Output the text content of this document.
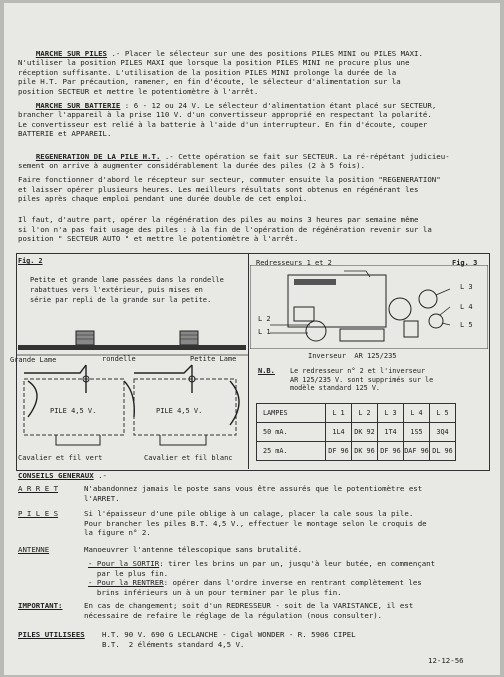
MARCHE SUR PILES .- Placer le sélecteur sur une des positions PILES MINI ou PILES MAXI.
N'utiliser la position PILES MAXI que lorsque la position PILES MINI ne procure plus une
réception suffisante. L'utilisation de la position PILES MINI prolonge la durée de la
pile H.T. Par précaution, ramener, en fin d'écoute, le sélecteur d'alimentation sur la
position SECTEUR et mettre le potentiomètre à l'arrêt.

MARCHE SUR BATTERIE : 6 - 12 ou 24 V. Le sélecteur d'alimentation étant placé sur SECTEUR,
brancher l'appareil à la prise 110 V. d'un convertisseur approprié en respectant la polarité.
Le convertisseur est relié à la batterie à l'aide d'un interrupteur. En fin d'écoute, couper
BATTERIE et APPAREIL.

REGENERATION DE LA PILE H.T. .- Cette opération se fait sur SECTEUR. La ré-répétant judicieu-
sement on arrive à augmenter considérablement la durée des piles (2 à 5 fois).
Faire fonctionner d'abord le récepteur sur secteur, commuter ensuite la position "REGENERATION"
et laisser opérer plusieurs heures. Les meilleurs résultats sont obtenus en régénérant les
piles après chaque emploi pendant une durée double de cet emploi.
Il faut, d'autre part, opérer la régénération des piles au moins 3 heures par semaine même
si l'on n'a pas fait usage des piles : à la fin de l'opération de régénération revenir sur la
position " SECTEUR AUTO " et mettre le potentiomètre à l'arrêt.
Fig. 2
Petite et grande lame passées dans la rondelle
rabattues vers l'extérieur, puis mises en
série par repli de la grande sur la petite.
Grande Lame	rondelle	Petite Lame
PILE 4,5 V.	PILE 4,5 V.
Cavalier et fil vert	Cavalier et fil blanc
Redresseurs 1 et 2	Fig. 3
L 2
L 1
L 3
L 4
L 5
Inverseur  AR 125/235
N.B. Le redresseur n° 2 et l'inverseur
AR 125/235 V. sont supprimés sur le
modèle standard 125 V.
LAMPES	L 1	L 2	L 3	L 4	L 5
50 mA.	1L4	DK 92	1T4	1S5	3Q4
25 mA.	DF 96	DK 96	DF 96	DAF 96	DL 96
CONSEILS GENERAUX .-
A R R E T	N'abandonnez jamais le poste sans vous être assurés que le potentiomètre est
l'ARRET.
P I L E S	Si l'épaisseur d'une pile oblige à un calage, placer la cale sous la pile.
Pour brancher les piles B.T. 4,5 V., effectuer le montage selon le croquis de
la figure n° 2.
ANTENNE	Manoeuvrer l'antenne télescopique sans brutalité.
- Pour la SORTIR: tirer les brins un par un, jusqu'à leur butée, en commençant
par le plus fin.
- Pour la RENTRER: opérer dans l'ordre inverse en rentrant complètement les
brins inférieurs un à un pour terminer par le plus fin.
IMPORTANT:	En cas de changement; soit d'un REDRESSEUR - soit de la VARISTANCE, il est
nécessaire de refaire le réglage de la régulation (nous consulter).
PILES UTILISEES	H.T. 90 V. 690 G LECLANCHE - Cigal WONDER - R. 5906 CIPEL
B.T.  2 éléments standard 4,5 V.
12-12-56
